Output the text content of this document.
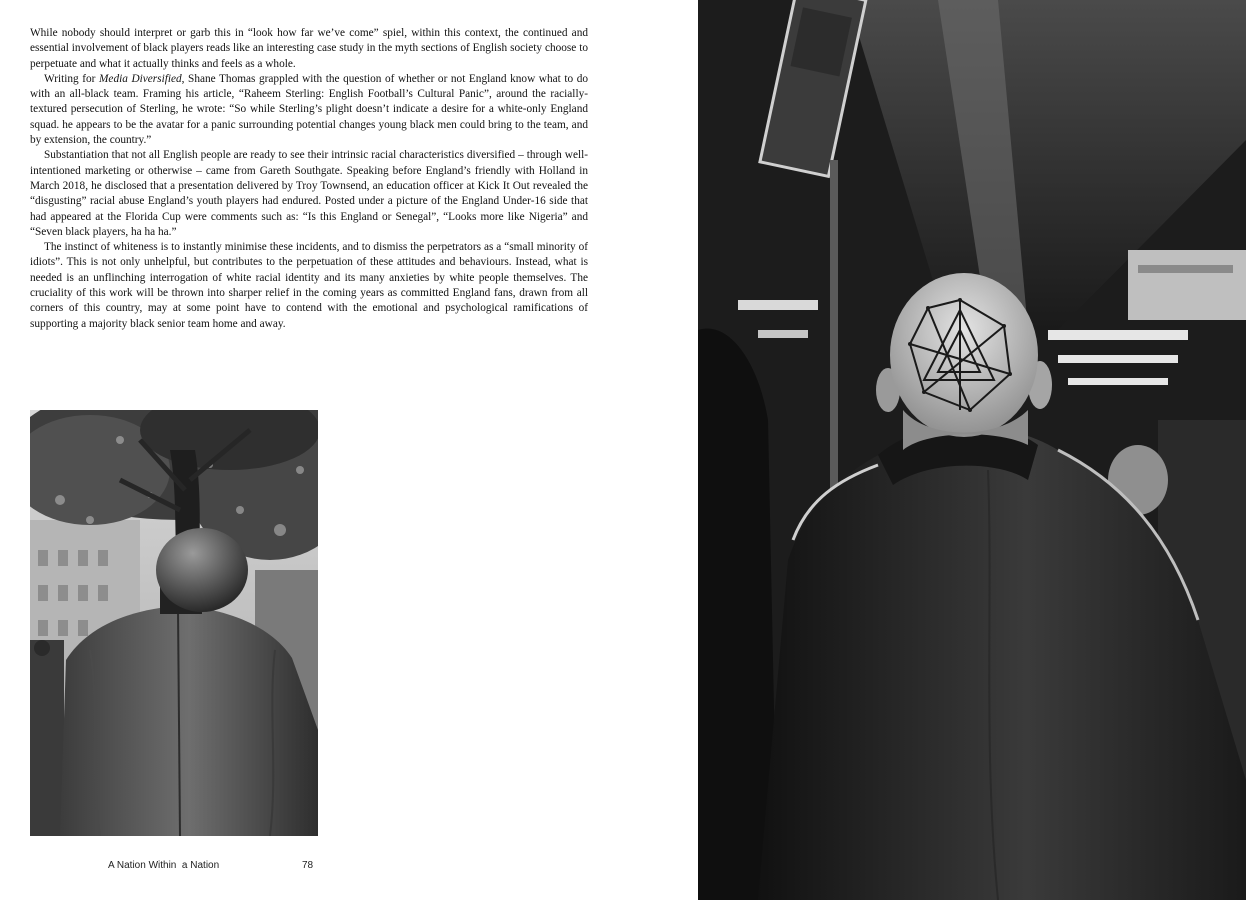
While nobody should interpret or garb this in “look how far we’ve come” spiel, within this context, the continued and essential involvement of black players reads like an interesting case study in the myth sections of English society choose to perpetuate and what it actually thinks and feels as a whole.

Writing for Media Diversified, Shane Thomas grappled with the question of whether or not England know what to do with an all-black team. Framing his article, “Raheem Sterling: English Football’s Cultural Panic”, around the racially-textured persecution of Sterling, he wrote: “So while Sterling’s plight doesn’t indicate a desire for a white-only England squad. he appears to be the avatar for a panic surrounding potential changes young black men could bring to the team, and by extension, the country.”

Substantiation that not all English people are ready to see their intrinsic racial characteristics diversified – through well-intentioned marketing or otherwise – came from Gareth Southgate. Speaking before England’s friendly with Holland in March 2018, he disclosed that a presentation delivered by Troy Townsend, an education officer at Kick It Out revealed the “disgusting” racial abuse England’s youth players had endured. Posted under a picture of the England Under-16 side that had appeared at the Florida Cup were comments such as: “Is this England or Senegal”, “Looks more like Nigeria” and “Seven black players, ha ha ha.”

The instinct of whiteness is to instantly minimise these incidents, and to dismiss the perpetrators as a “small minority of idiots”. This is not only unhelpful, but contributes to the perpetuation of these attitudes and behaviours. Instead, what is needed is an unflinching interrogation of white racial identity and its many anxieties by white people themselves. The cruciality of this work will be thrown into sharper relief in the coming years as committed England fans, drawn from all corners of this country, may at some point have to contend with the emotional and psychological ramifications of supporting a majority black senior team home and away.

A Nation Within  a Nation	78
